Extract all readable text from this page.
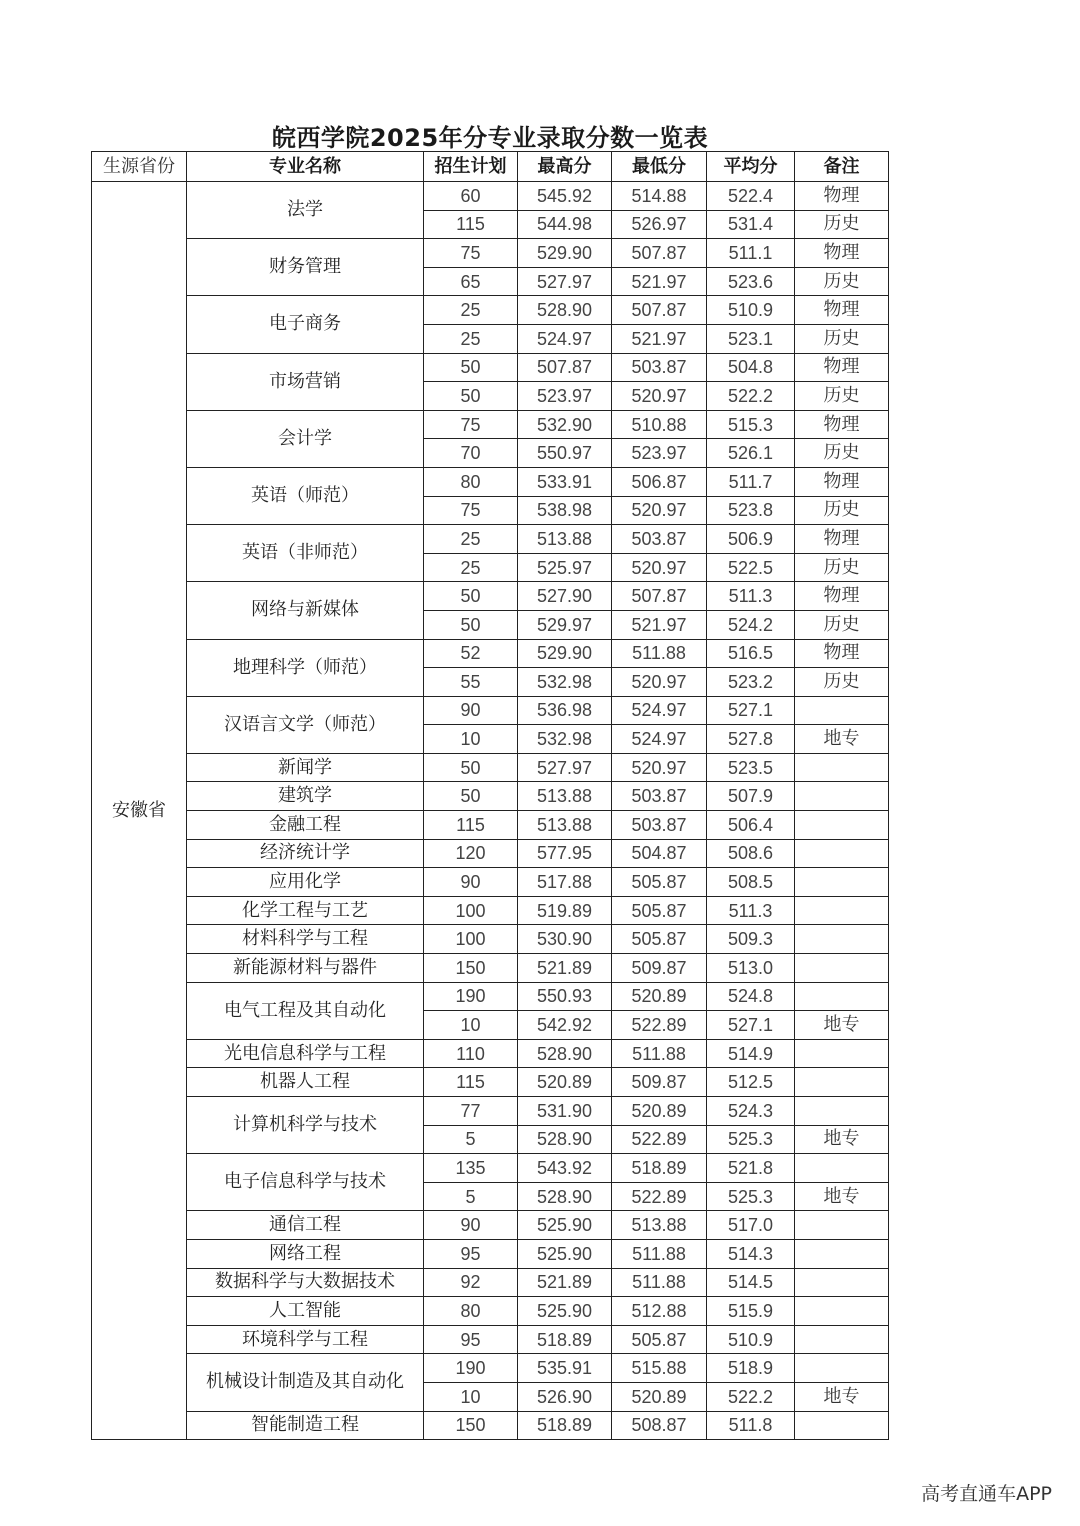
皖西学院2025年分专业录取分数一览表
生源省份	专业名称	招生计划	最高分	最低分	平均分	备注
安徽省	法学	60	545.92	514.88	522.4	物理
		115	544.98	526.97	531.4	历史
	财务管理	75	529.90	507.87	511.1	物理
		65	527.97	521.97	523.6	历史
	电子商务	25	528.90	507.87	510.9	物理
		25	524.97	521.97	523.1	历史
	市场营销	50	507.87	503.87	504.8	物理
		50	523.97	520.97	522.2	历史
	会计学	75	532.90	510.88	515.3	物理
		70	550.97	523.97	526.1	历史
	英语（师范）	80	533.91	506.87	511.7	物理
		75	538.98	520.97	523.8	历史
	英语（非师范）	25	513.88	503.87	506.9	物理
		25	525.97	520.97	522.5	历史
	网络与新媒体	50	527.90	507.87	511.3	物理
		50	529.97	521.97	524.2	历史
	地理科学（师范）	52	529.90	511.88	516.5	物理
		55	532.98	520.97	523.2	历史
	汉语言文学（师范）	90	536.98	524.97	527.1	
		10	532.98	524.97	527.8	地专
	新闻学	50	527.97	520.97	523.5	
	建筑学	50	513.88	503.87	507.9	
	金融工程	115	513.88	503.87	506.4	
	经济统计学	120	577.95	504.87	508.6	
	应用化学	90	517.88	505.87	508.5	
	化学工程与工艺	100	519.89	505.87	511.3	
	材料科学与工程	100	530.90	505.87	509.3	
	新能源材料与器件	150	521.89	509.87	513.0	
	电气工程及其自动化	190	550.93	520.89	524.8	
		10	542.92	522.89	527.1	地专
	光电信息科学与工程	110	528.90	511.88	514.9	
	机器人工程	115	520.89	509.87	512.5	
	计算机科学与技术	77	531.90	520.89	524.3	
		5	528.90	522.89	525.3	地专
	电子信息科学与技术	135	543.92	518.89	521.8	
		5	528.90	522.89	525.3	地专
	通信工程	90	525.90	513.88	517.0	
	网络工程	95	525.90	511.88	514.3	
	数据科学与大数据技术	92	521.89	511.88	514.5	
	人工智能	80	525.90	512.88	515.9	
	环境科学与工程	95	518.89	505.87	510.9	
	机械设计制造及其自动化	190	535.91	515.88	518.9	
		10	526.90	520.89	522.2	地专
	智能制造工程	150	518.89	508.87	511.8	
高考直通车APP
